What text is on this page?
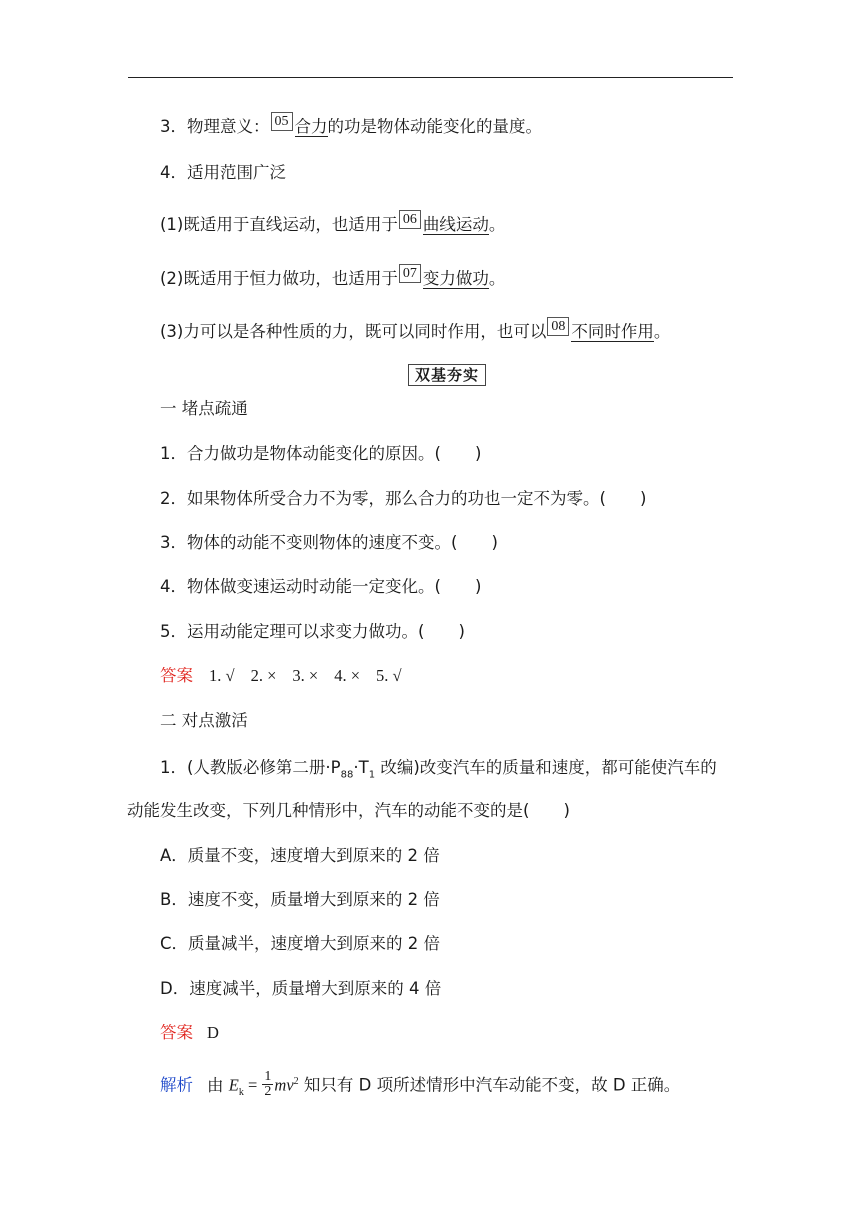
3．物理意义： 05 合力的功是物体动能变化的量度。
4．适用范围广泛
(1)既适用于直线运动，也适用于 06 曲线运动。
(2)既适用于恒力做功，也适用于 07 变力做功。
(3)力可以是各种性质的力，既可以同时作用，也可以 08 不同时作用。
双基夯实
一 堵点疏通
1．合力做功是物体动能变化的原因。( )
2．如果物体所受合力不为零，那么合力的功也一定不为零。( )
3．物体的动能不变则物体的速度不变。( )
4．物体做变速运动时动能一定变化。( )
5．运用动能定理可以求变力做功。( )
答案 1. √ 2. × 3. × 4. × 5. √
二 对点激活
1．(人教版必修第二册$\cdot P_{88}\cdot T_1$ 改编)改变汽车的质量和速度，都可能使汽车的
动能发生改变，下列几种情形中，汽车的动能不变的是( )
A．质量不变，速度增大到原来的 2 倍
B．速度不变，质量增大到原来的 2 倍
C．质量减半，速度增大到原来的 2 倍
D．速度减半，质量增大到原来的 4 倍
答案 D
解析 由 $E_k = \frac{1}{2} mv^2$ 知只有 D 项所述情形中汽车动能不变，故 D 正确。
